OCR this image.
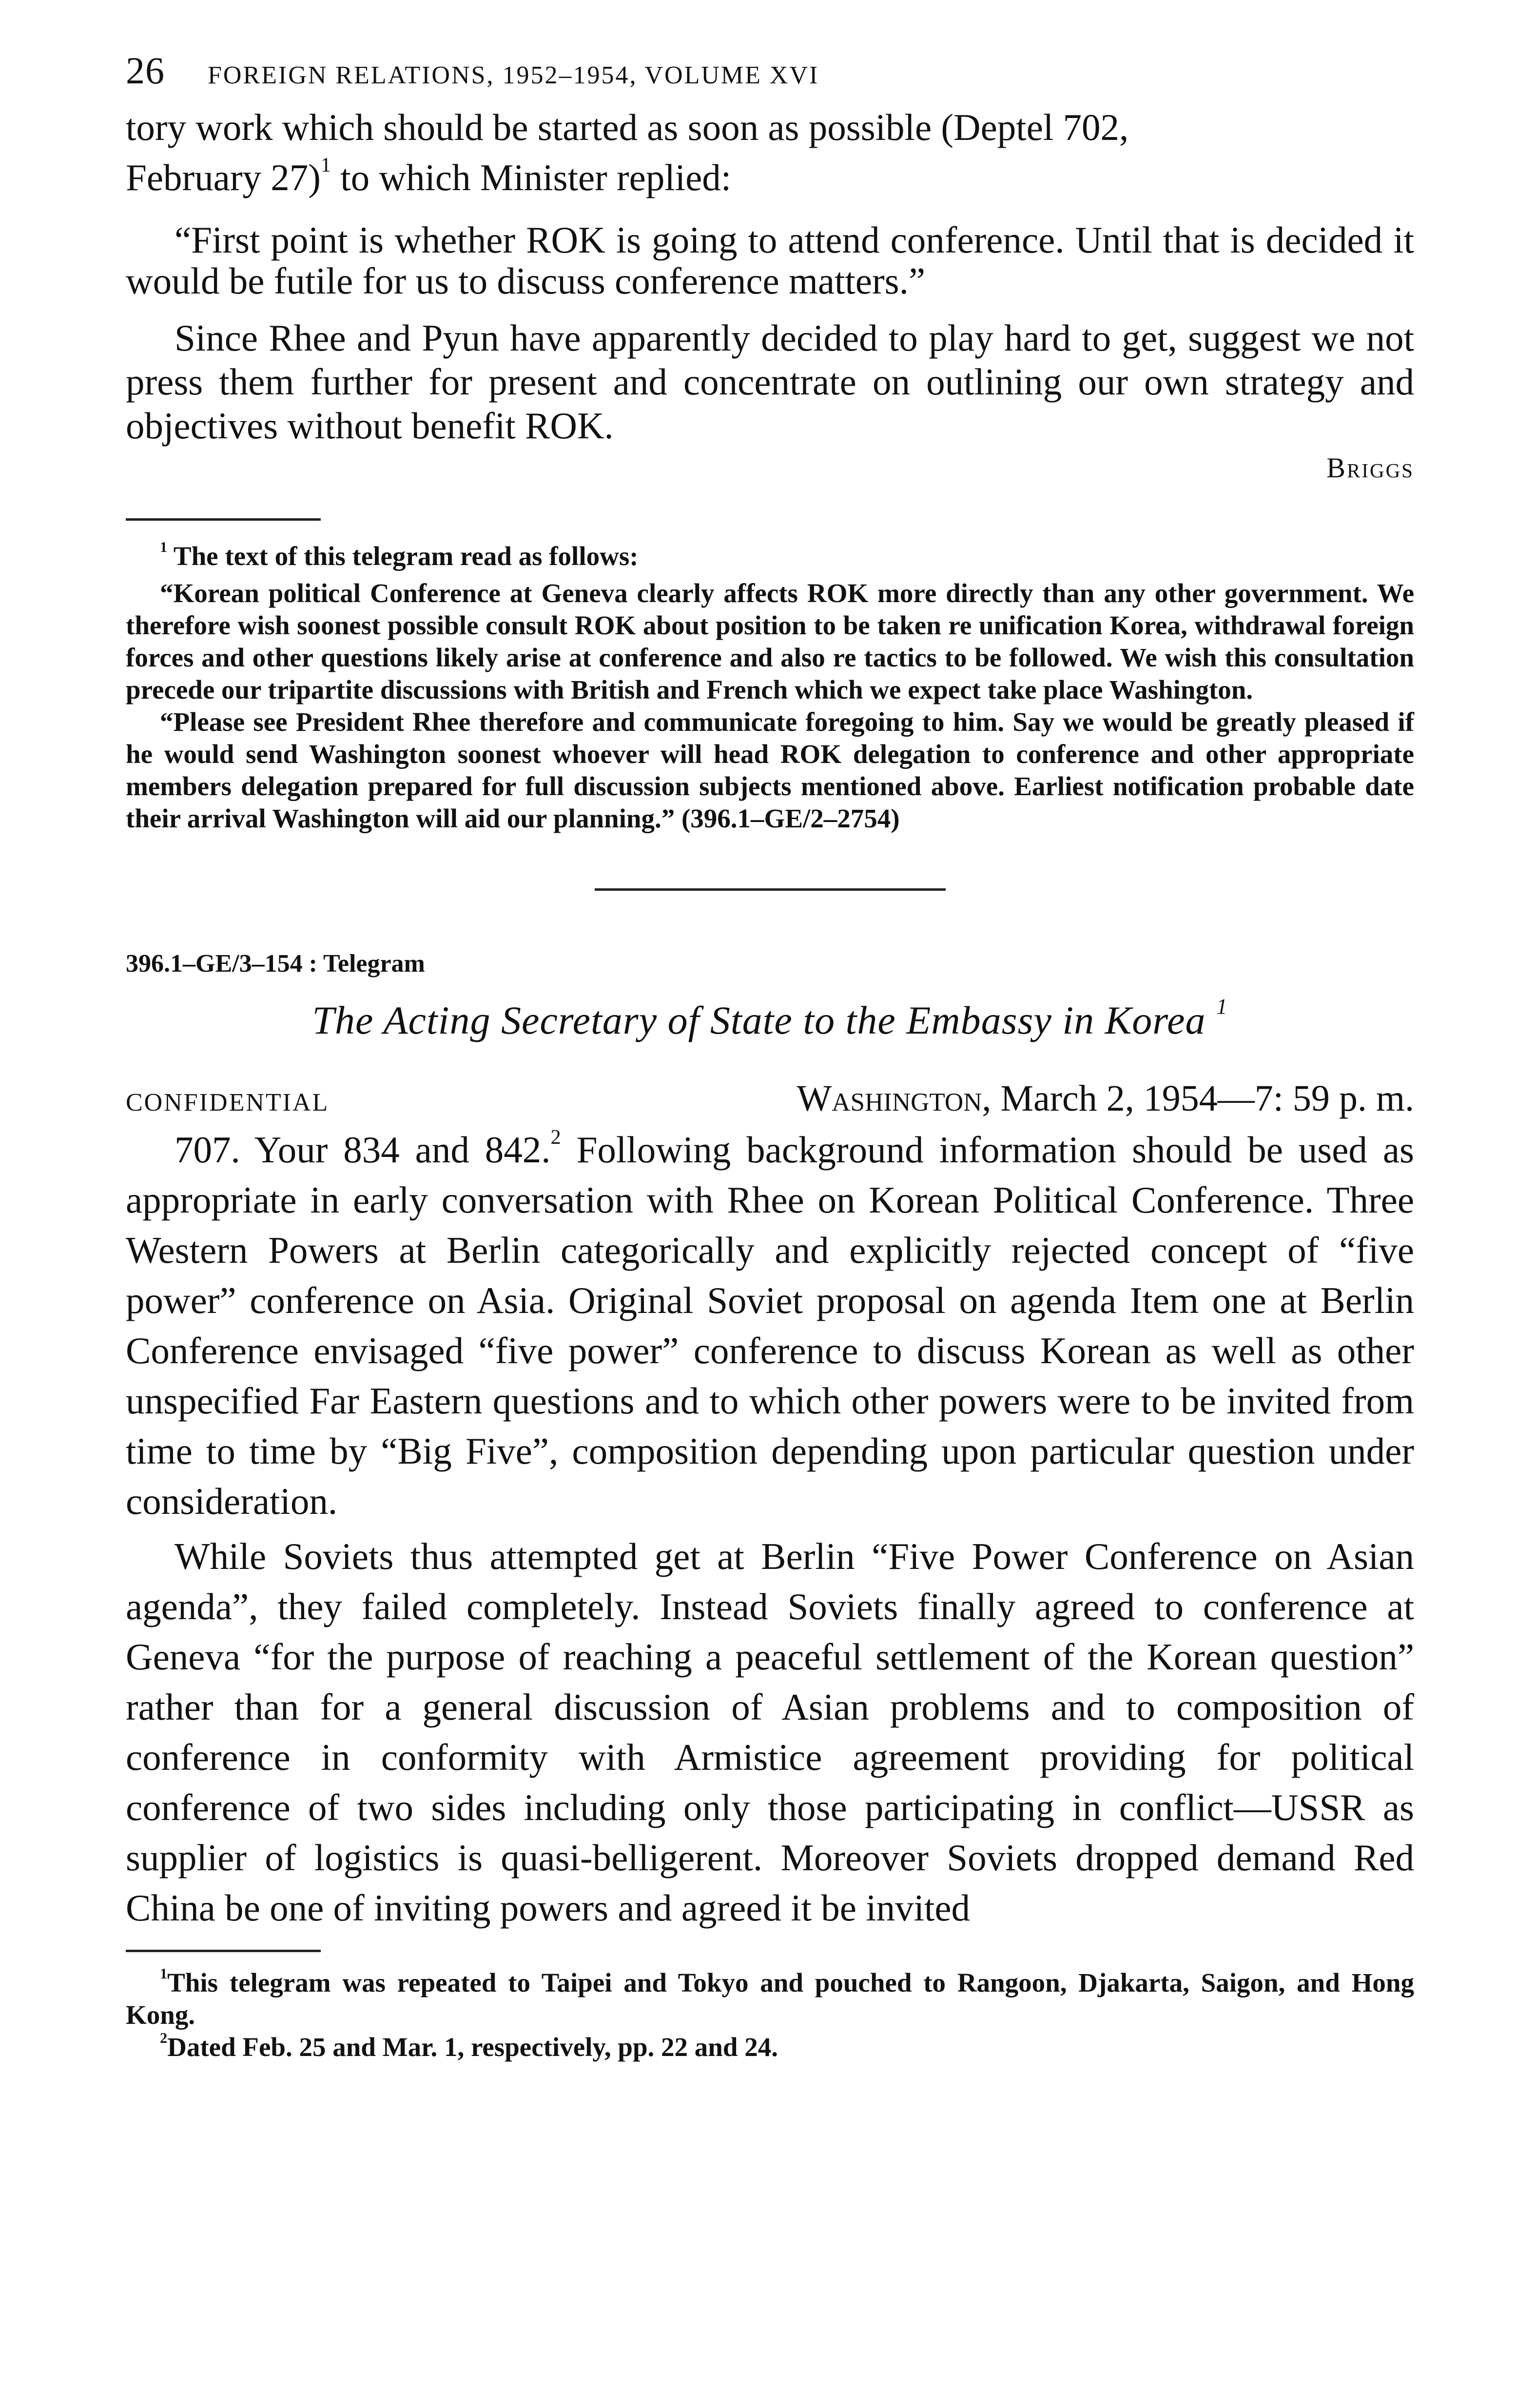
26 FOREIGN RELATIONS, 1952–1954, VOLUME XVI

tory work which should be started as soon as possible (Deptel 702,

February 27)$^1$ to which Minister replied:

“First point is whether ROK is going to attend conference. Until that is decided it would be futile for us to discuss conference matters.”

Since Rhee and Pyun have apparently decided to play hard to get, suggest we not press them further for present and concentrate on outlining our own strategy and objectives without benefit ROK.

Briggs

$^1$ The text of this telegram read as follows:

“Korean political Conference at Geneva clearly affects ROK more directly than any other government. We therefore wish soonest possible consult ROK about position to be taken re unification Korea, withdrawal foreign forces and other questions likely arise at conference and also re tactics to be followed. We wish this consultation precede our tripartite discussions with British and French which we expect take place Washington.

“Please see President Rhee therefore and communicate foregoing to him. Say we would be greatly pleased if he would send Washington soonest whoever will head ROK delegation to conference and other appropriate members delegation prepared for full discussion subjects mentioned above. Earliest notification probable date their arrival Washington will aid our planning.” (396.1–GE/2–2754)

396.1–GE/3–154 : Telegram

The Acting Secretary of State to the Embassy in Korea $^1$

CONFIDENTIAL	Washington, March 2, 1954—7: 59 p. m.

707. Your 834 and 842.$^2$ Following background information should be used as appropriate in early conversation with Rhee on Korean Political Conference. Three Western Powers at Berlin categorically and explicitly rejected concept of “five power” conference on Asia. Original Soviet proposal on agenda Item one at Berlin Conference envisaged “five power” conference to discuss Korean as well as other unspecified Far Eastern questions and to which other powers were to be invited from time to time by “Big Five”, composition depending upon particular question under consideration.

While Soviets thus attempted get at Berlin “Five Power Conference on Asian agenda”, they failed completely. Instead Soviets finally agreed to conference at Geneva “for the purpose of reaching a peaceful settlement of the Korean question” rather than for a general discussion of Asian problems and to composition of conference in conformity with Armistice agreement providing for political conference of two sides including only those participating in conflict—USSR as supplier of logistics is quasi-belligerent. Moreover Soviets dropped demand Red China be one of inviting powers and agreed it be invited

$^1$This telegram was repeated to Taipei and Tokyo and pouched to Rangoon, Djakarta, Saigon, and Hong Kong.

$^2$Dated Feb. 25 and Mar. 1, respectively, pp. 22 and 24.
